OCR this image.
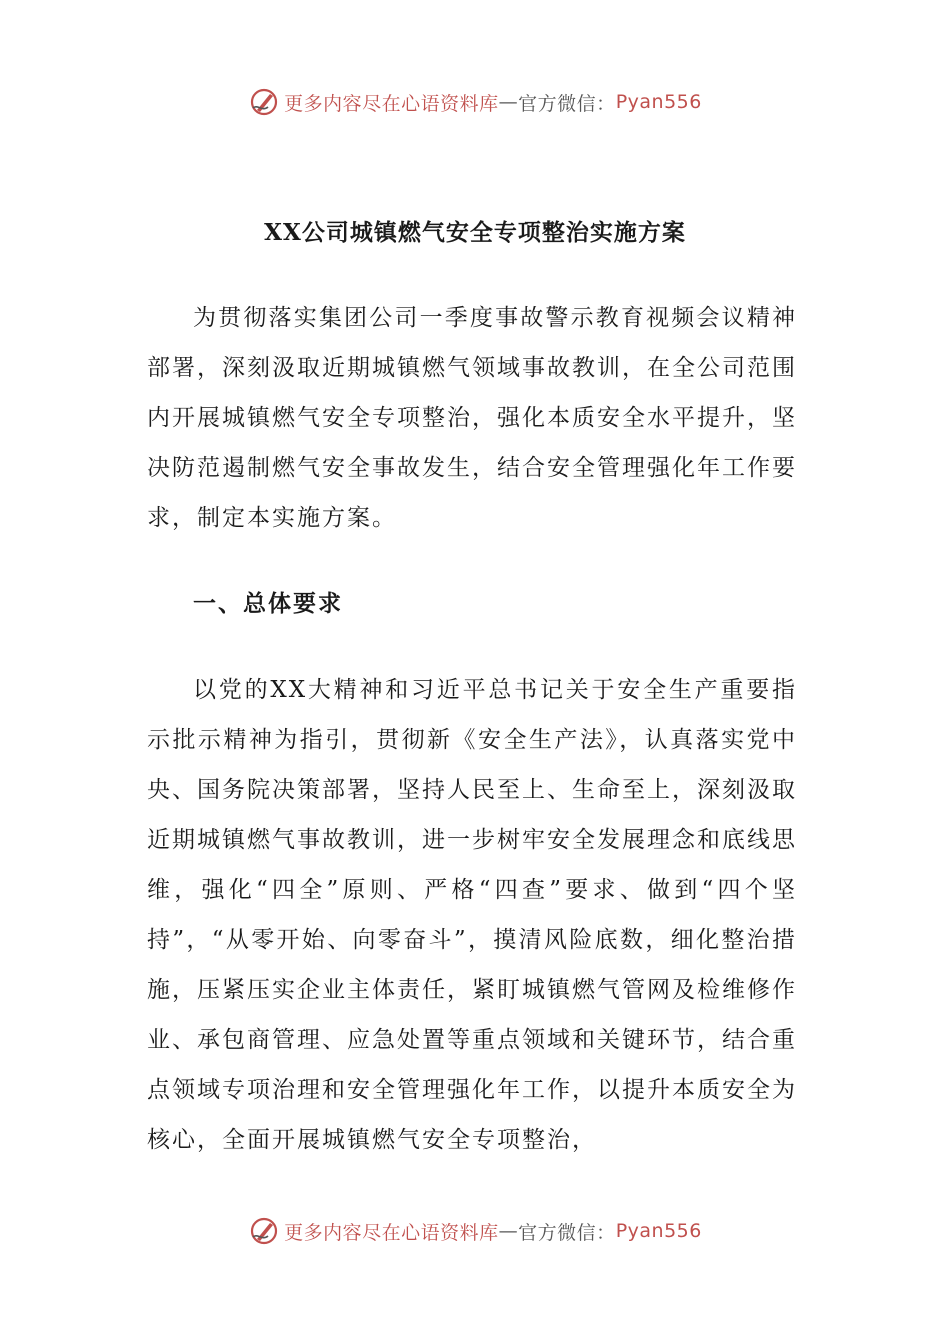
更多内容尽在心语资料库 — 官方微信： Pyan556
XX公司城镇燃气安全专项整治实施方案

为贯彻落实集团公司一季度事故警示教育视频会议精神部署，深刻汲取近期城镇燃气领域事故教训，在全公司范围内开展城镇燃气安全专项整治，强化本质安全水平提升，坚决防范遏制燃气安全事故发生，结合安全管理强化年工作要求，制定本实施方案。

一、总体要求

以党的XX大精神和习近平总书记关于安全生产重要指示批示精神为指引，贯彻新《安全生产法》，认真落实党中央、国务院决策部署，坚持人民至上、生命至上，深刻汲取近期城镇燃气事故教训，进一步树牢安全发展理念和底线思维，强化“四全”原则、严格“四查”要求、做到“四个坚持”，“从零开始、向零奋斗”，摸清风险底数，细化整治措施，压紧压实企业主体责任，紧盯城镇燃气管网及检维修作业、承包商管理、应急处置等重点领域和关键环节，结合重点领域专项治理和安全管理强化年工作，以提升本质安全为核心，全面开展城镇燃气安全专项整治，

更多内容尽在心语资料库 — 官方微信： Pyan556
